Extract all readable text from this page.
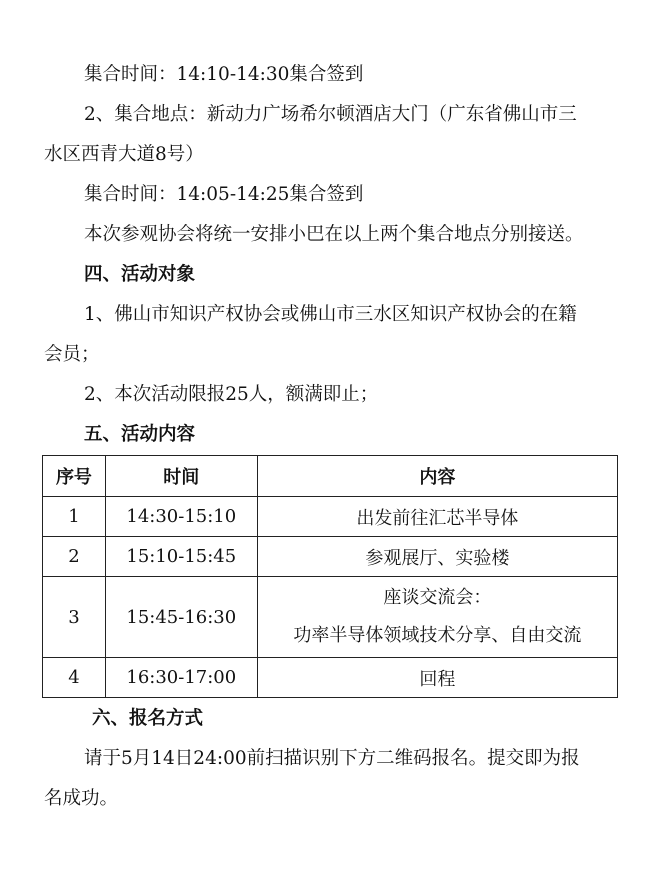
集合时间：14:10-14:30集合签到
2、集合地点：新动力广场希尔顿酒店大门（广东省佛山市三
水区西青大道8号）
集合时间：14:05-14:25集合签到
本次参观协会将统一安排小巴在以上两个集合地点分别接送。
四、活动对象
1、佛山市知识产权协会或佛山市三水区知识产权协会的在籍
会员；
2、本次活动限报25人，额满即止；
五、活动内容
序号	时间	内容
1	14:30-15:10	出发前往汇芯半导体
2	15:10-15:45	参观展厅、实验楼
3	15:45-16:30	座谈交流会：
功率半导体领域技术分享、自由交流

4	16:30-17:00	回程
六、报名方式
请于5月14日24:00前扫描识别下方二维码报名。提交即为报
名成功。
